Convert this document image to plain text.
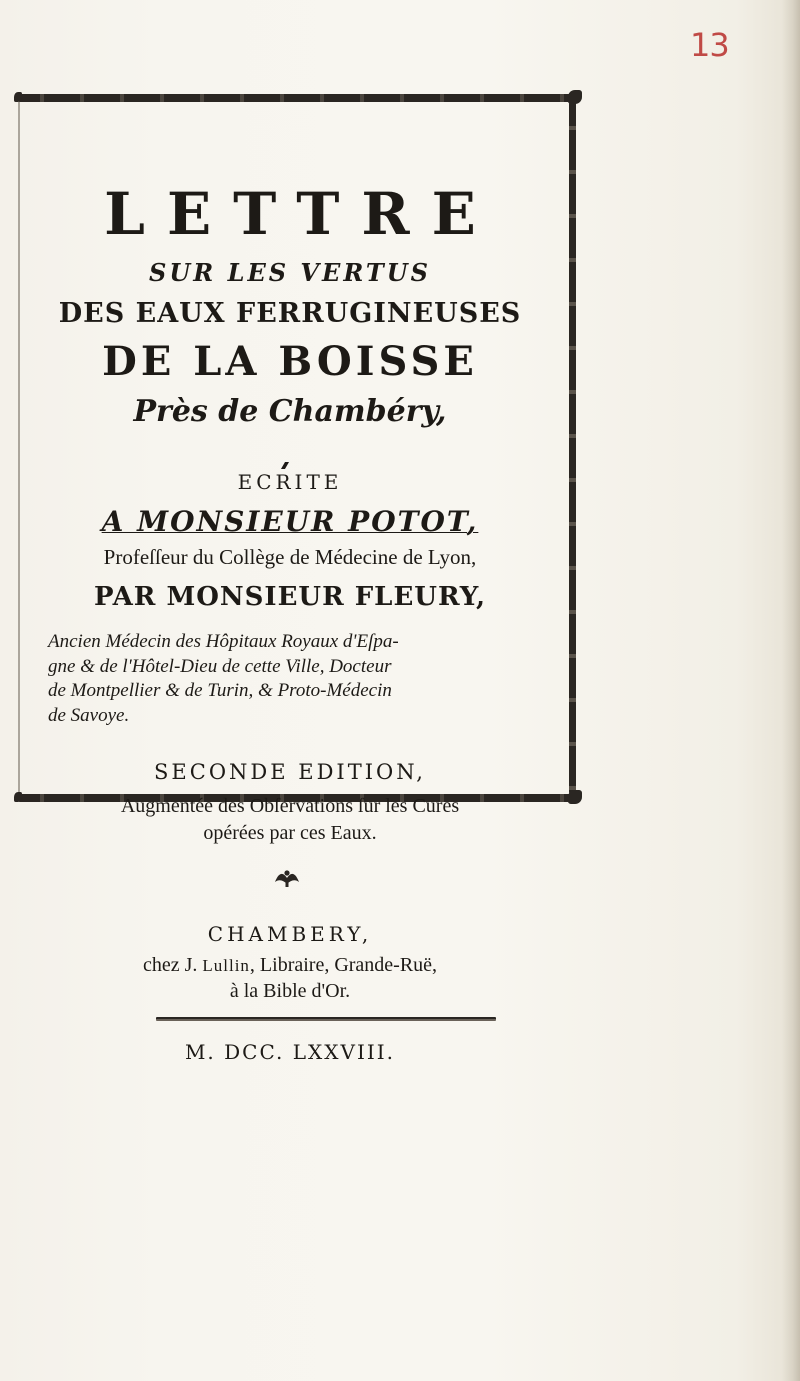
13
LETTRE
SUR LES VERTUS
DES EAUX FERRUGINEUSES
DE LA BOISSE
Près de Chambéry,
ECRITE
A MONSIEUR POTOT,
Profeſſeur du Collège de Médecine de Lyon,
PAR MONSIEUR FLEURY,
Ancien Médecin des Hôpitaux Royaux d'Eſpa-
gne & de l'Hôtel-Dieu de cette Ville, Docteur
de Montpellier & de Turin, & Proto-Médecin
de Savoye.
SECONDE EDITION,
Augmentée des Obſervations ſur les Cures
opérées par ces Eaux.
CHAMBERY,
chez J. Lullin, Libraire, Grande-Ruë,
à la Bible d'Or.
M. DCC. LXXVIII.
